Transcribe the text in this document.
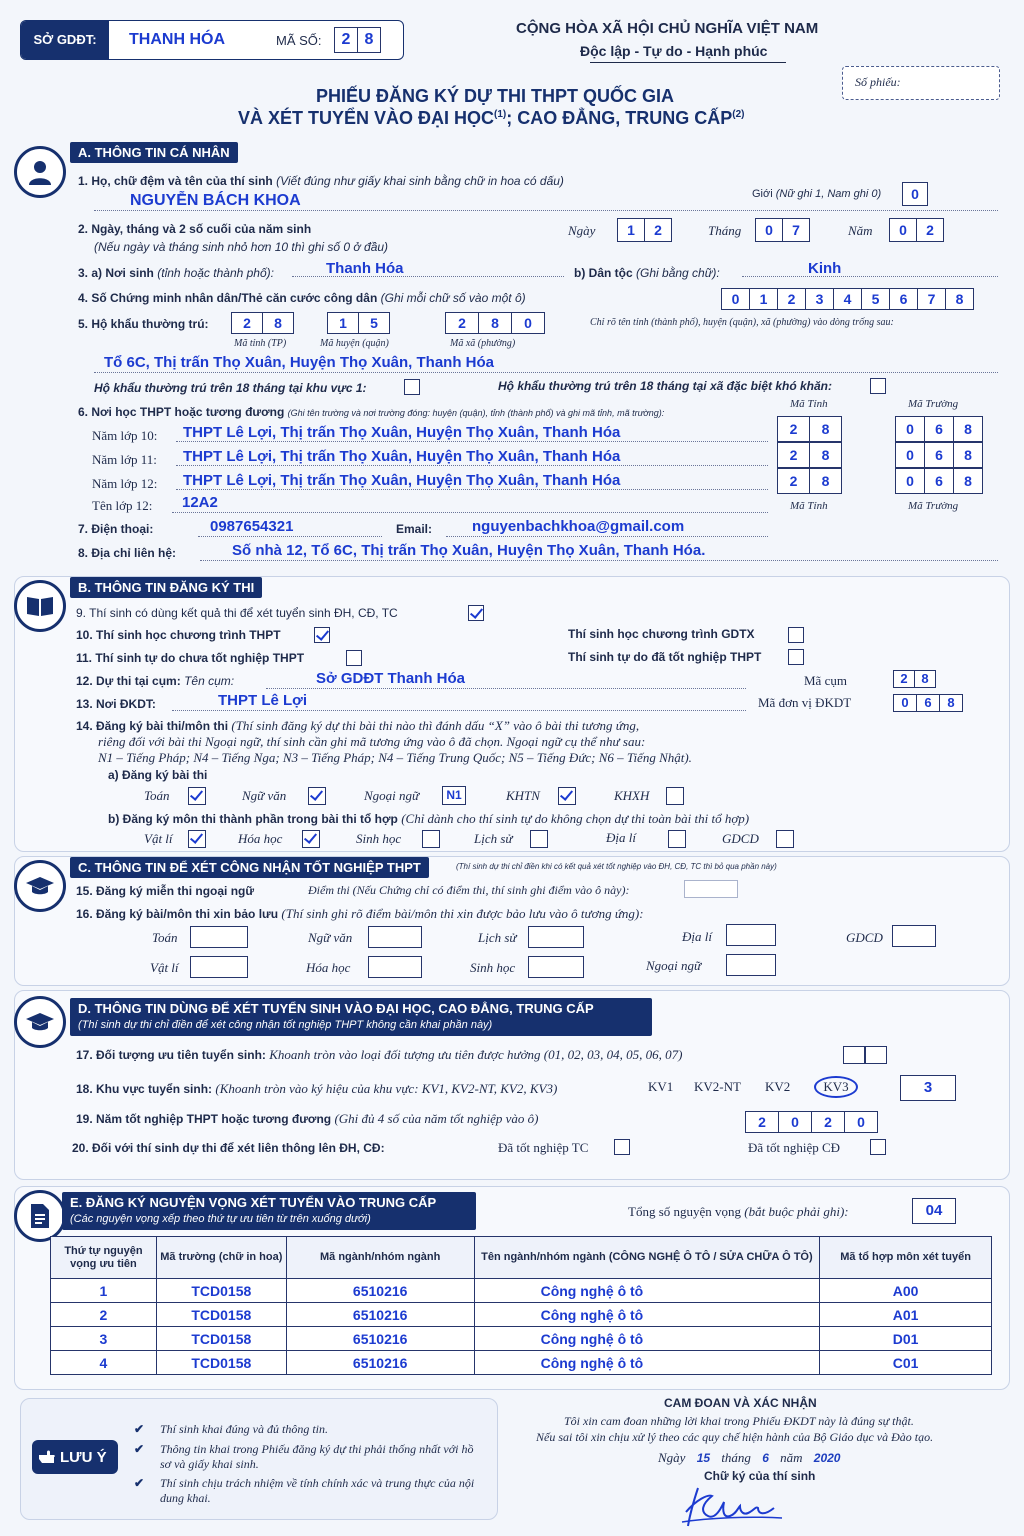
SỞ GDĐT:	THANH HÓA	MÃ SỐ:	2 8
CỘNG HÒA XÃ HỘI CHỦ NGHĨA VIỆT NAM
Độc lập - Tự do - Hạnh phúc
Số phiếu:
PHIẾU ĐĂNG KÝ DỰ THI THPT QUỐC GIA
VÀ XÉT TUYỂN VÀO ĐẠI HỌC$^{(1)}$; CAO ĐẲNG, TRUNG CẤP$^{(2)}$
A. THÔNG TIN CÁ NHÂN
1. Họ, chữ đệm và tên của thí sinh (Viết đúng như giấy khai sinh bằng chữ in hoa có dấu)
NGUYỄN BÁCH KHOA	Giới (Nữ ghi 1, Nam ghi 0)	0
2. Ngày, tháng và 2 số cuối của năm sinh
(Nếu ngày và tháng sinh nhỏ hơn 10 thì ghi số 0 ở đầu)
Ngày	1	2	Tháng	0	7	Năm	0	2
3. a) Nơi sinh (tỉnh hoặc thành phố):	Thanh Hóa	b) Dân tộc (Ghi bằng chữ):	Kinh
4. Số Chứng minh nhân dân/Thẻ căn cước công dân (Ghi mỗi chữ số vào một ô)	0	1	2	3	4	5	6	7	8
5. Hộ khẩu thường trú:	2	8	1	5	2	8	0
Mã tỉnh (TP)	Mã huyện (quận)	Mã xã (phường)
Chỉ rõ tên tỉnh (thành phố), huyện (quận), xã (phường) vào dòng trống sau:
Tổ 6C, Thị trấn Thọ Xuân, Huyện Thọ Xuân, Thanh Hóa
Hộ khẩu thường trú trên 18 tháng tại khu vực 1:	Hộ khẩu thường trú trên 18 tháng tại xã đặc biệt khó khăn:
6. Nơi học THPT hoặc tương đương (Ghi tên trường và nơi trường đóng: huyện (quận), tỉnh (thành phố) và ghi mã tỉnh, mã trường):
Mã Tỉnh	Mã Trường
Năm lớp 10: THPT Lê Lợi, Thị trấn Thọ Xuân, Huyện Thọ Xuân, Thanh Hóa	2	8	0	6	8
Năm lớp 11: THPT Lê Lợi, Thị trấn Thọ Xuân, Huyện Thọ Xuân, Thanh Hóa	2	8	0	6	8
Năm lớp 12: THPT Lê Lợi, Thị trấn Thọ Xuân, Huyện Thọ Xuân, Thanh Hóa	2	8	0	6	8
Tên lớp 12: 12A2	Mã Tỉnh	Mã Trường
7. Điện thoại:	0987654321	Email:	nguyenbachkhoa@gmail.com
8. Địa chỉ liên hệ:	Số nhà 12, Tổ 6C, Thị trấn Thọ Xuân, Huyện Thọ Xuân, Thanh Hóa.
B. THÔNG TIN ĐĂNG KÝ THI
9. Thí sinh có dùng kết quả thi để xét tuyển sinh ĐH, CĐ, TC
10. Thí sinh học chương trình THPT	Thí sinh học chương trình GDTX
11. Thí sinh tự do chưa tốt nghiệp THPT	Thí sinh tự do đã tốt nghiệp THPT
12. Dự thi tại cụm: Tên cụm:	Sở GDĐT Thanh Hóa	Mã cụm	2	8
13. Nơi ĐKDT:	THPT Lê Lợi	Mã đơn vị ĐKDT	0	6	8
14. Đăng ký bài thi/môn thi (Thí sinh đăng ký dự thi bài thi nào thì đánh dấu “X” vào ô bài thi tương ứng,
riêng đối với bài thi Ngoại ngữ, thí sinh cần ghi mã tương ứng vào ô đã chọn. Ngoại ngữ cụ thể như sau:
N1 – Tiếng Pháp; N4 – Tiếng Nga; N3 – Tiếng Pháp; N4 – Tiếng Trung Quốc; N5 – Tiếng Đức; N6 – Tiếng Nhật).
a) Đăng ký bài thi
Toán	Ngữ văn	Ngoại ngữ	N1	KHTN	KHXH
b) Đăng ký môn thi thành phần trong bài thi tổ hợp (Chỉ dành cho thí sinh tự do không chọn dự thi toàn bài thi tổ hợp)
Vật lí	Hóa học	Sinh học	Lịch sử	Địa lí	GDCD
C. THÔNG TIN ĐỂ XÉT CÔNG NHẬN TỐT NGHIỆP THPT	(Thí sinh dự thi chỉ điền khi có kết quả xét tốt nghiệp vào ĐH, CĐ, TC thì bỏ qua phần này)
15. Đăng ký miễn thi ngoại ngữ	Điểm thi (Nếu Chứng chỉ có điểm thi, thí sinh ghi điểm vào ô này):
16. Đăng ký bài/môn thi xin bảo lưu (Thí sinh ghi rõ điểm bài/môn thi xin được bảo lưu vào ô tương ứng):
Toán	Ngữ văn	Lịch sử	Địa lí	GDCD
Vật lí	Hóa học	Sinh học	Ngoại ngữ
D. THÔNG TIN DÙNG ĐỂ XÉT TUYỂN SINH VÀO ĐẠI HỌC, CAO ĐẲNG, TRUNG CẤP
(Thí sinh dự thi chỉ điền để xét công nhận tốt nghiệp THPT không cần khai phần này)
17. Đối tượng ưu tiên tuyển sinh: Khoanh tròn vào loại đối tượng ưu tiên được hưởng (01, 02, 03, 04, 05, 06, 07)
18. Khu vực tuyển sinh: (Khoanh tròn vào ký hiệu của khu vực: KV1, KV2-NT, KV2, KV3)	KV1 KV2-NT KV2	KV3	3
19. Năm tốt nghiệp THPT hoặc tương đương (Ghi đủ 4 số của năm tốt nghiệp vào ô)	2	0	2	0
20. Đối với thí sinh dự thi để xét liên thông lên ĐH, CĐ:	Đã tốt nghiệp TC	Đã tốt nghiệp CĐ
E. ĐĂNG KÝ NGUYỆN VỌNG XÉT TUYỂN VÀO TRUNG CẤP
(Các nguyện vọng xếp theo thứ tự ưu tiên từ trên xuống dưới)	Tổng số nguyện vọng (bắt buộc phải ghi):	04
Thứ tự nguyện vọng ưu tiên	Mã trường (chữ in hoa)	Mã ngành/nhóm ngành	Tên ngành/nhóm ngành (CÔNG NGHỆ Ô TÔ / SỬA CHỮA Ô TÔ)	Mã tổ hợp môn xét tuyển
1	TCD0158	6510216	Công nghệ ô tô	A00
2	TCD0158	6510216	Công nghệ ô tô	A01
3	TCD0158	6510216	Công nghệ ô tô	D01
4	TCD0158	6510216	Công nghệ ô tô	C01
LƯU Ý
✔	Thí sinh khai đúng và đủ thông tin.
✔	Thông tin khai trong Phiếu đăng ký dự thi phải thống nhất với hồ sơ và giấy khai sinh.
✔	Thí sinh chịu trách nhiệm về tính chính xác và trung thực của nội dung khai.
CAM ĐOAN VÀ XÁC NHẬN
Tôi xin cam đoan những lời khai trong Phiếu ĐKDT này là đúng sự thật.
Nếu sai tôi xin chịu xử lý theo các quy chế hiện hành của Bộ Giáo dục và Đào tạo.
Ngày 15 tháng 6 năm 2020
Chữ ký của thí sinh
